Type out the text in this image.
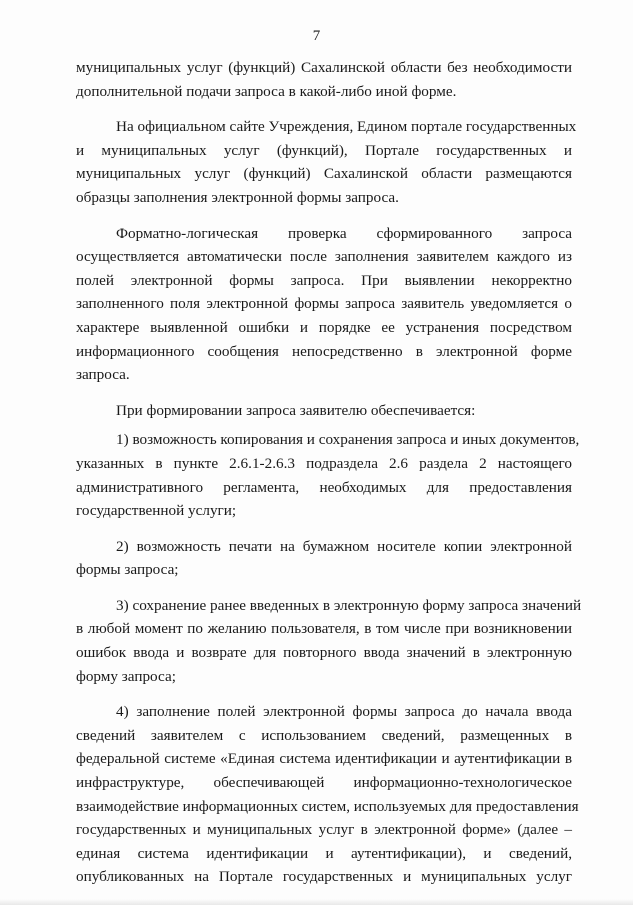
7

муниципальных услуг (функций) Сахалинской области без необходимости
дополнительной подачи запроса в какой-либо иной форме.

На официальном сайте Учреждения, Едином портале государственных
и муниципальных услуг (функций), Портале государственных и
муниципальных услуг (функций) Сахалинской области размещаются
образцы заполнения электронной формы запроса.

Форматно-логическая проверка сформированного запроса
осуществляется автоматически после заполнения заявителем каждого из
полей электронной формы запроса. При выявлении некорректно
заполненного поля электронной формы запроса заявитель уведомляется о
характере выявленной ошибки и порядке ее устранения посредством
информационного сообщения непосредственно в электронной форме
запроса.

При формировании запроса заявителю обеспечивается:

1) возможность копирования и сохранения запроса и иных документов,
указанных в пункте 2.6.1-2.6.3 подраздела 2.6 раздела 2 настоящего
административного регламента, необходимых для предоставления
государственной услуги;

2) возможность печати на бумажном носителе копии электронной
формы запроса;

3) сохранение ранее введенных в электронную форму запроса значений
в любой момент по желанию пользователя, в том числе при возникновении
ошибок ввода и возврате для повторного ввода значений в электронную
форму запроса;

4) заполнение полей электронной формы запроса до начала ввода
сведений заявителем с использованием сведений, размещенных в
федеральной системе «Единая система идентификации и аутентификации в
инфраструктуре, обеспечивающей информационно-технологическое
взаимодействие информационных систем, используемых для предоставления
государственных и муниципальных услуг в электронной форме» (далее –
единая система идентификации и аутентификации), и сведений,
опубликованных на Портале государственных и муниципальных услуг
